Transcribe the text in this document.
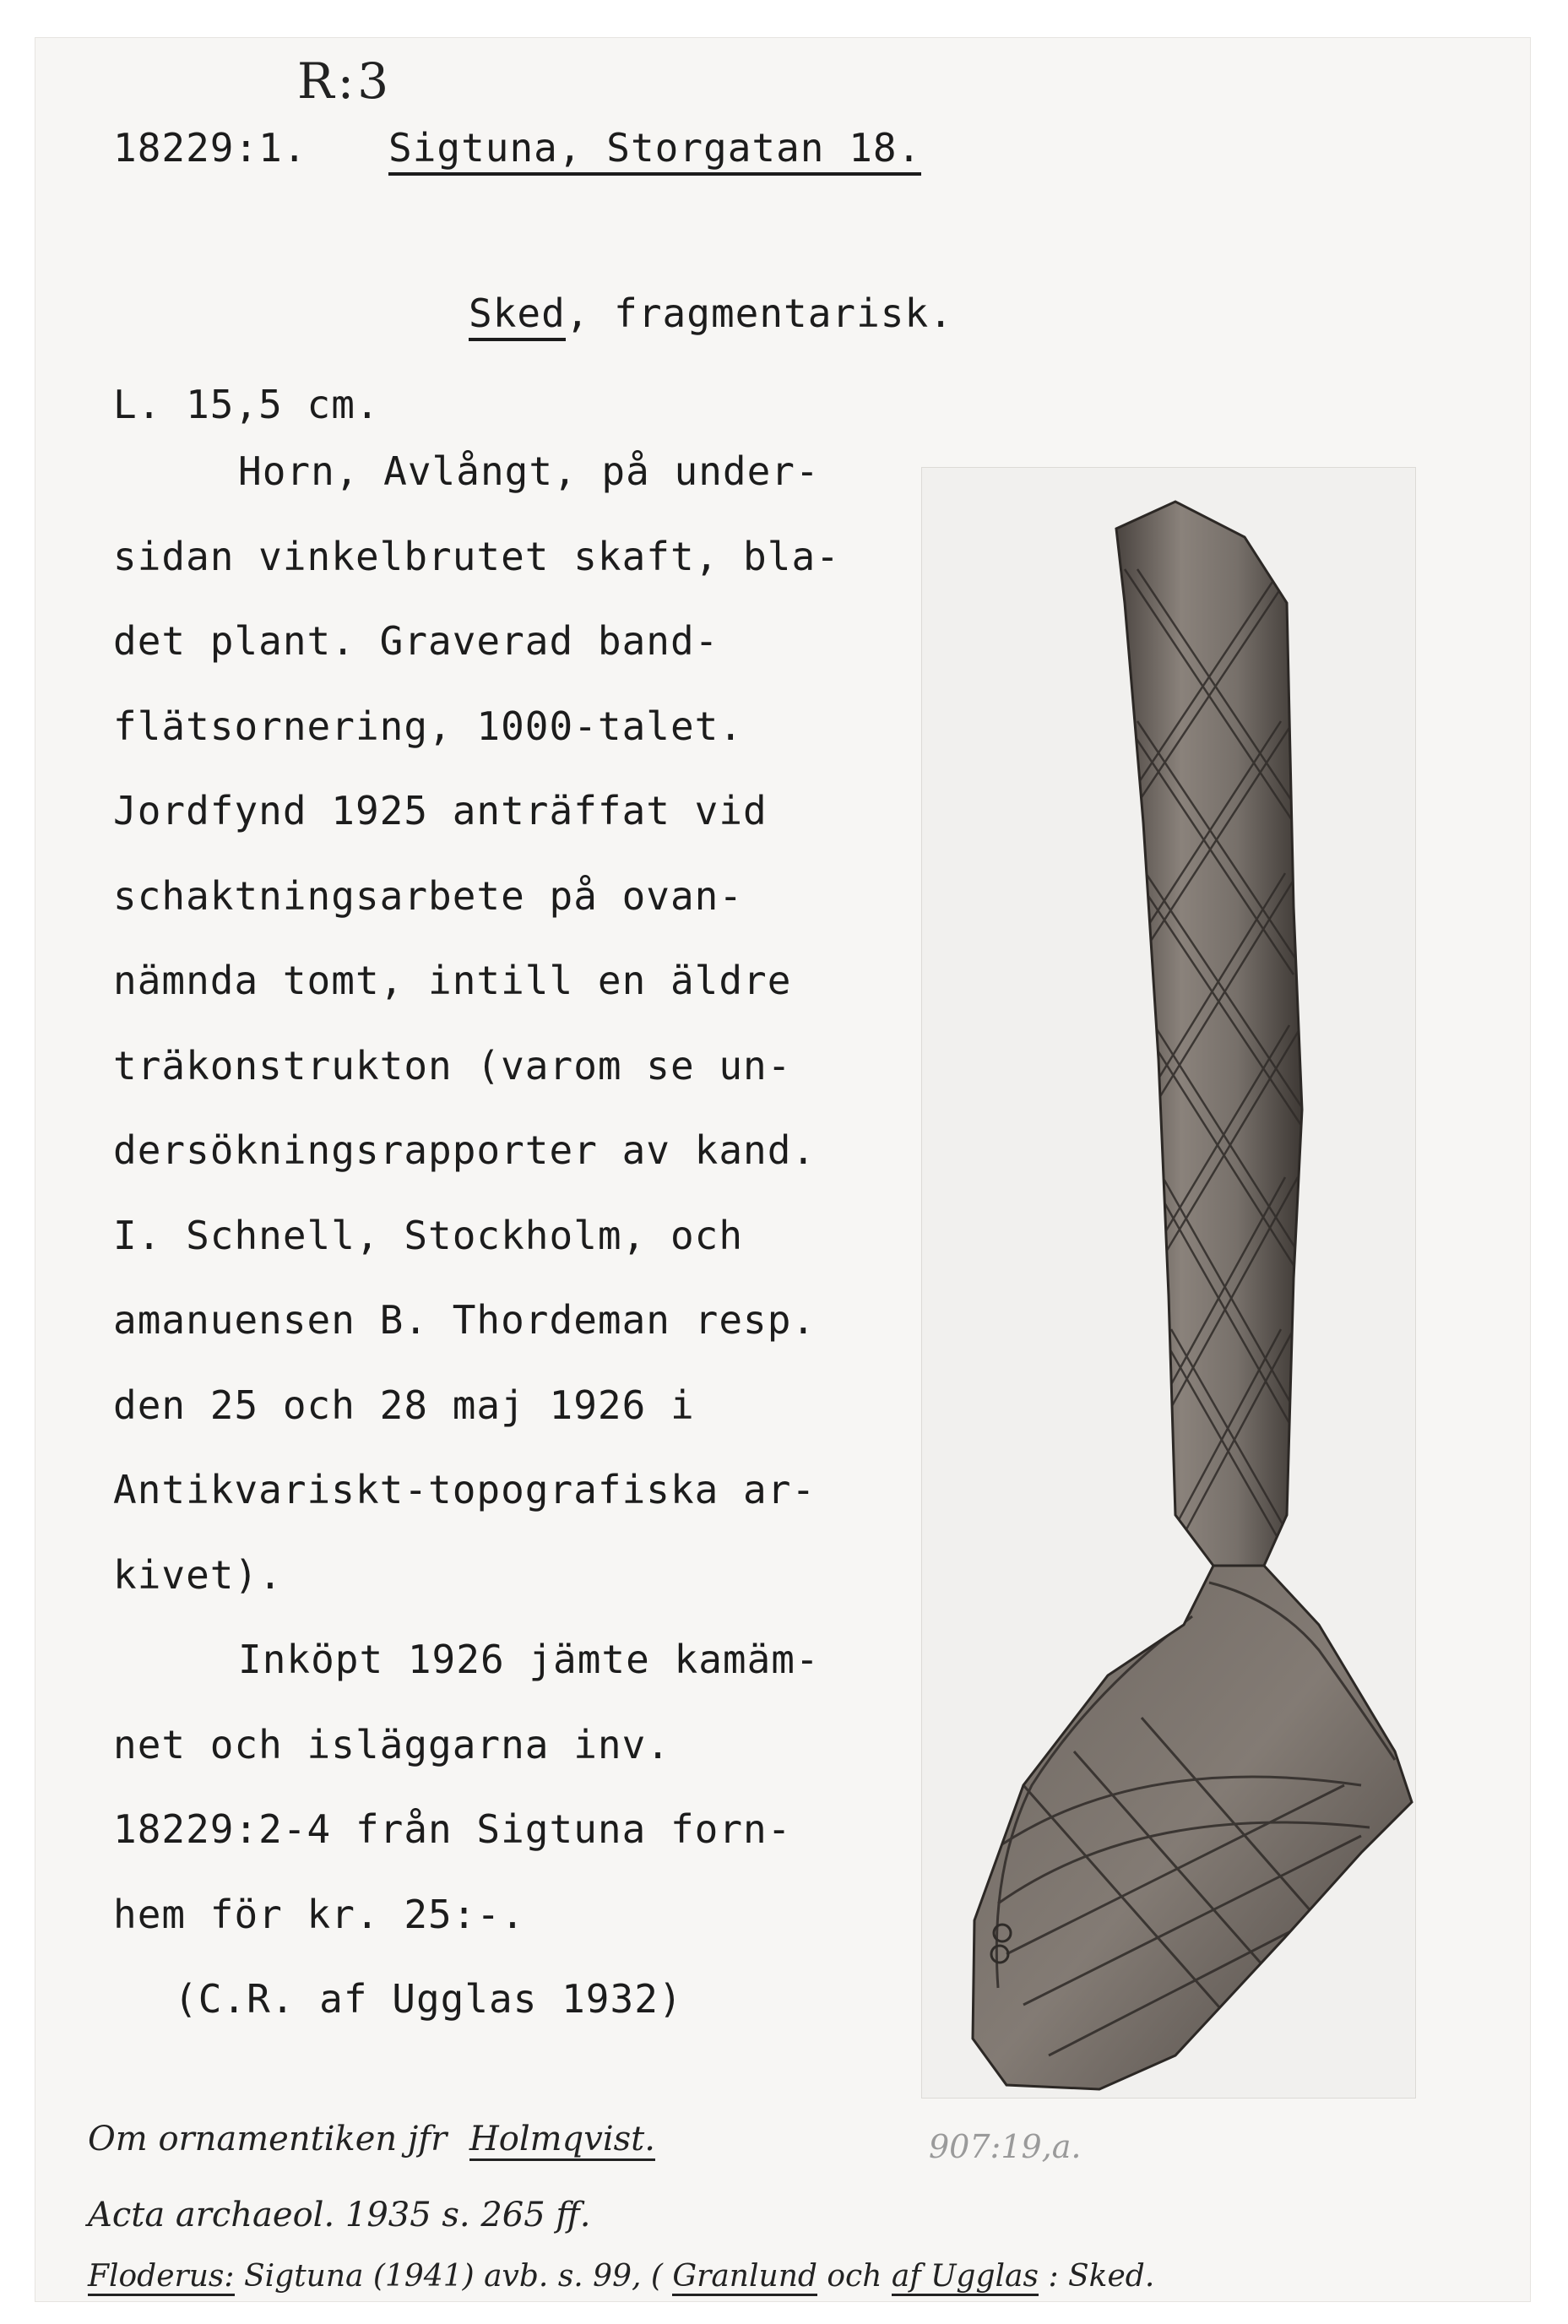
R:3
18229:1. Sigtuna, Storgatan 18.
Sked, fragmentarisk.
L. 15,5 cm.
Horn, Avlångt, på under-
sidan vinkelbrutet skaft, bla-
det plant. Graverad band-
flätsornering, 1000-talet.
Jordfynd 1925 anträffat vid
schaktningsarbete på ovan-
nämnda tomt, intill en äldre
träkonstrukton (varom se un-
dersökningsrapporter av kand.
I. Schnell, Stockholm, och
amanuensen B. Thordeman resp.
den 25 och 28 maj 1926 i
Antikvariskt-topografiska ar-
kivet).
Inköpt 1926 jämte kamäm-
net och isläggarna inv.
18229:2-4 från Sigtuna forn-
hem för kr. 25:-.
(C.R. af Ugglas 1932)
Om ornamentiken jfr Holmqvist.	907:19,a.
Acta archaeol. 1935 s. 265 ff.
Floderus: Sigtuna (1941) avb. s. 99, ( Granlund och af Ugglas : Sked.
